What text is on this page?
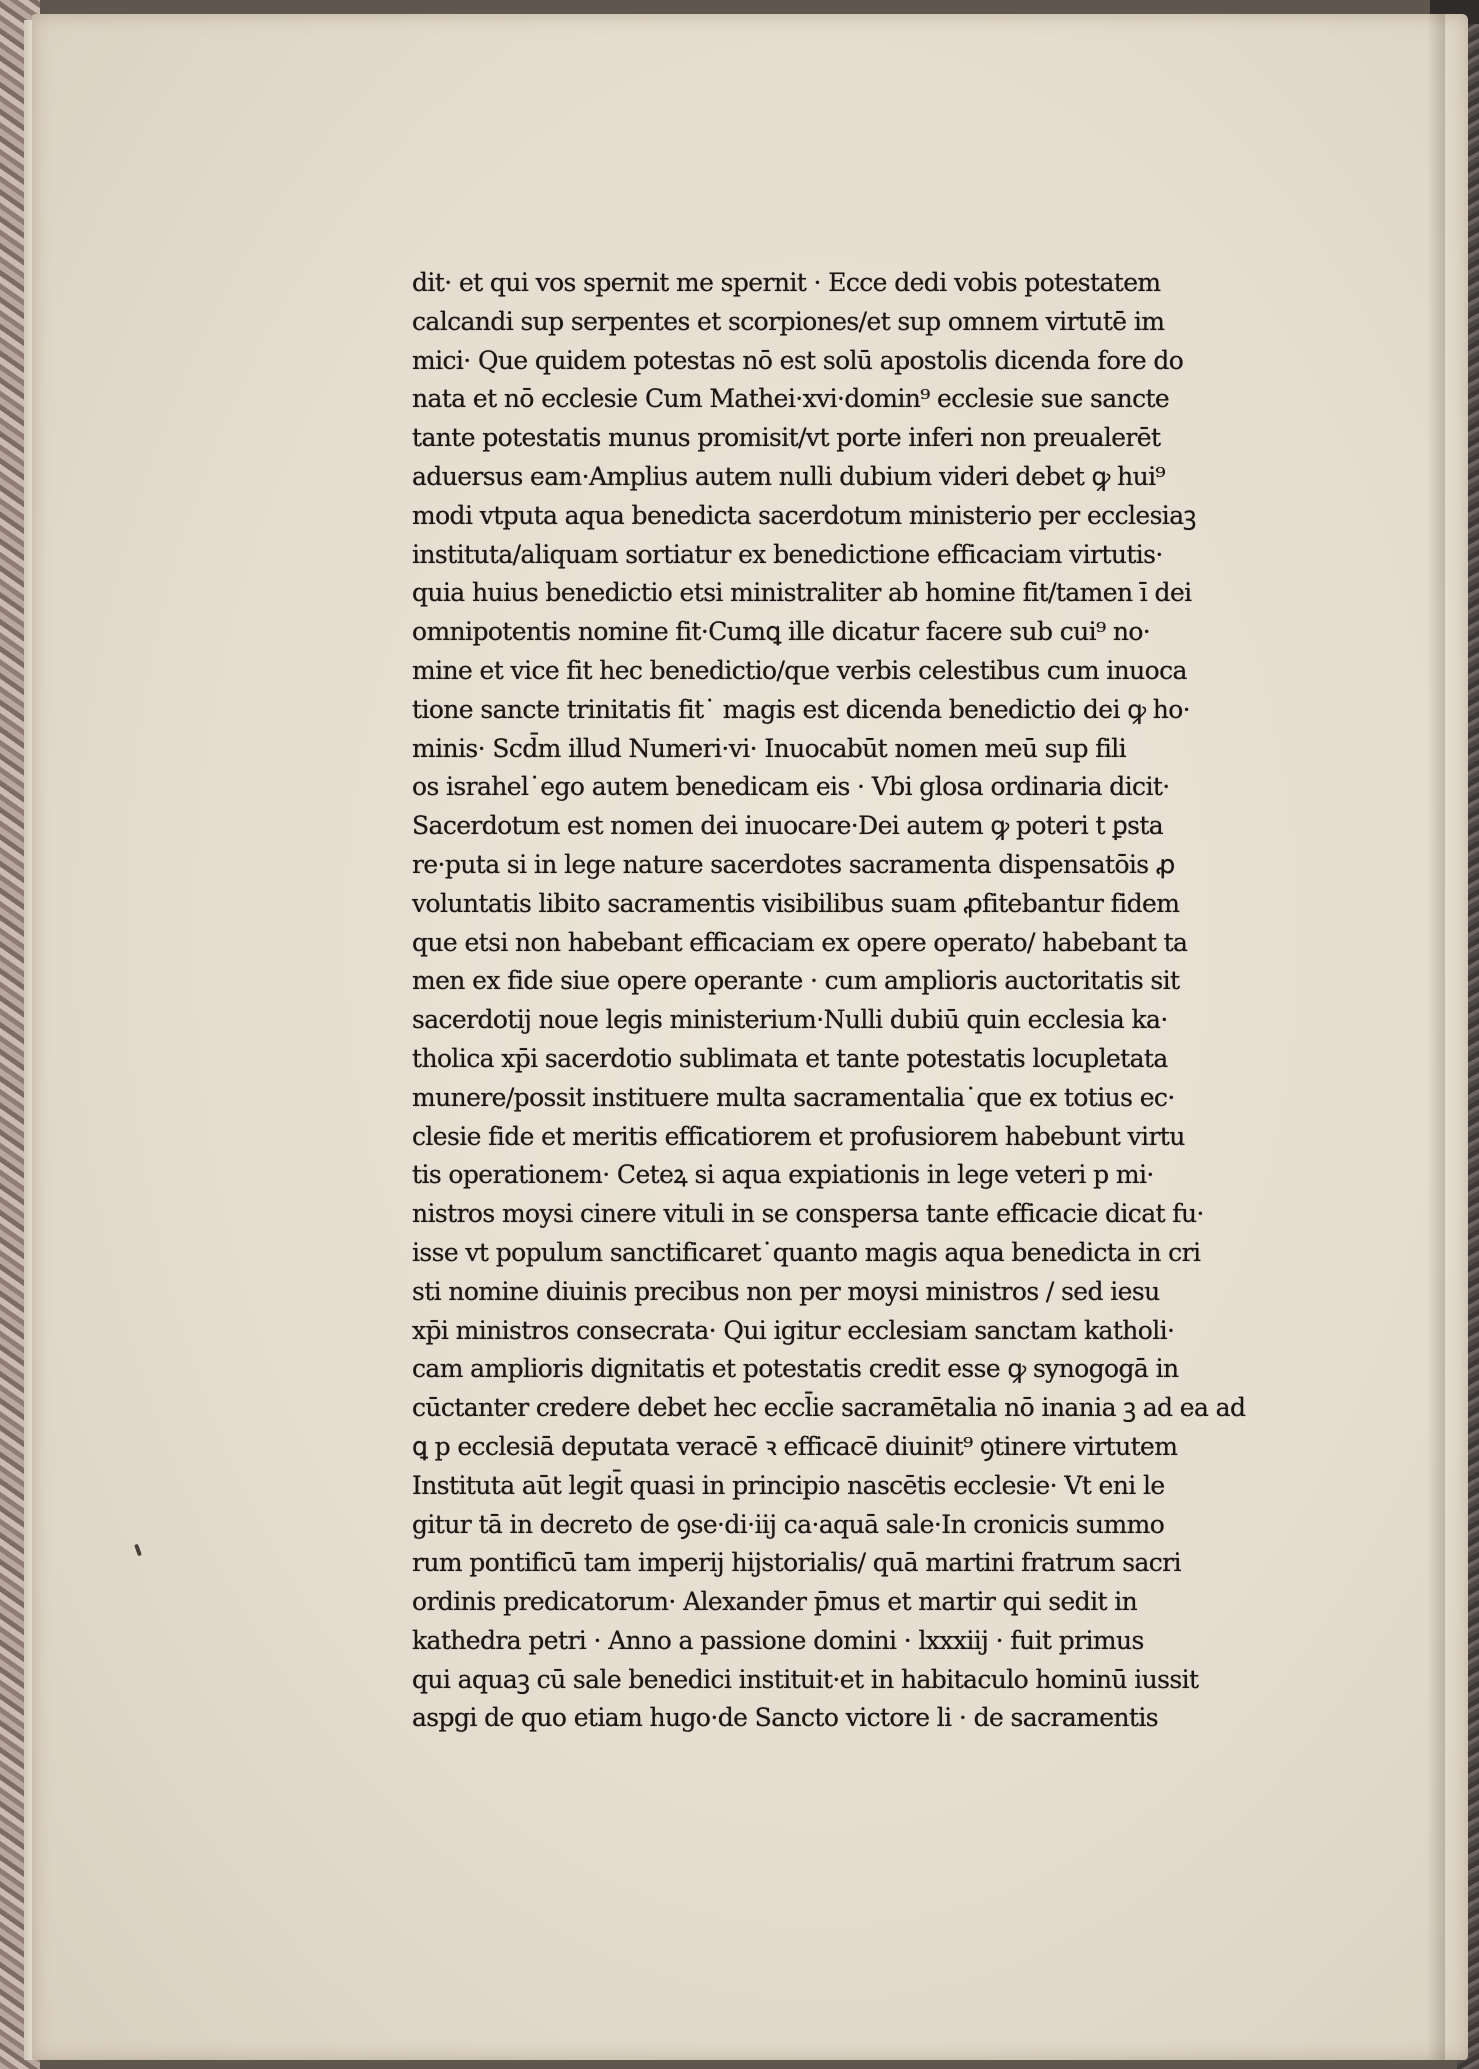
dit· et qui vos spernit me spernit · Ecce dedi vobis potestatem
calcandi sup serpentes et scorpiones/et sup omnem virtutē im
mici· Que quidem potestas nō est solū apostolis dicenda fore do
nata et nō ecclesie Cum Mathei·xvi·domin⁹ ecclesie sue sancte
tante potestatis munus promisit/vt porte inferi non preualerēt
aduersus eam·Amplius autem nulli dubium videri debet ꝙ hui⁹
modi vtputa aqua benedicta sacerdotum ministerio per ecclesiaꝫ
instituta/aliquam sortiatur ex benedictione efficaciam virtutis·
quia huius benedictio etsi ministraliter ab homine fit/tamen ī dei
omnipotentis nomine fit·Cumꝗ ille dicatur facere sub cui⁹ no·
mine et vice fit hec benedictio/que verbis celestibus cum inuoca
tione sancte trinitatis fit˙ magis est dicenda benedictio dei ꝙ ho·
minis· Scd̄m illud Numeri·vi· Inuocabūt nomen meū sup fili
os israhel˙ego autem benedicam eis · Vbi glosa ordinaria dicit·
Sacerdotum est nomen dei inuocare·Dei autem ꝙ poteri t ꝑsta
re·puta si in lege nature sacerdotes sacramenta dispensatōis ꝓ
voluntatis libito sacramentis visibilibus suam ꝓfitebantur fidem
que etsi non habebant efficaciam ex opere operato/ habebant ta
men ex fide siue opere operante · cum amplioris auctoritatis sit
sacerdotij noue legis ministerium·Nulli dubiū quin ecclesia ka·
tholica xp̄i sacerdotio sublimata et tante potestatis locupletata
munere/possit instituere multa sacramentalia˙que ex totius ec·
clesie fide et meritis efficatiorem et profusiorem habebunt virtu
tis operationem· Ceteꝝ si aqua expiationis in lege veteri p mi·
nistros moysi cinere vituli in se conspersa tante efficacie dicat fu·
isse vt populum sanctificaret˙quanto magis aqua benedicta in cri
sti nomine diuinis precibus non per moysi ministros / sed iesu
xp̄i ministros consecrata· Qui igitur ecclesiam sanctam katholi·
cam amplioris dignitatis et potestatis credit esse ꝙ synogogā in
cūctanter credere debet hec eccl̄ie sacramētalia nō inania ꝫ ad ea ad
ꝗ p ecclesiā deputata veracē ꝛ efficacē diuinit⁹ ꝯtinere virtutem
Instituta aūt legit̄ quasi in principio nascētis ecclesie· Vt eni le
gitur tā in decreto de ꝯse·di·iij ca·aquā sale·In cronicis summo
rum pontificū tam imperij hijstorialis/ quā martini fratrum sacri
ordinis predicatorum· Alexander p̄mus et martir qui sedit in
kathedra petri · Anno a passione domini · lxxxiij · fuit primus
qui aquaꝫ cū sale benedici instituit·et in habitaculo hominū iussit
aspgi de quo etiam hugo·de Sancto victore li · de sacramentis
